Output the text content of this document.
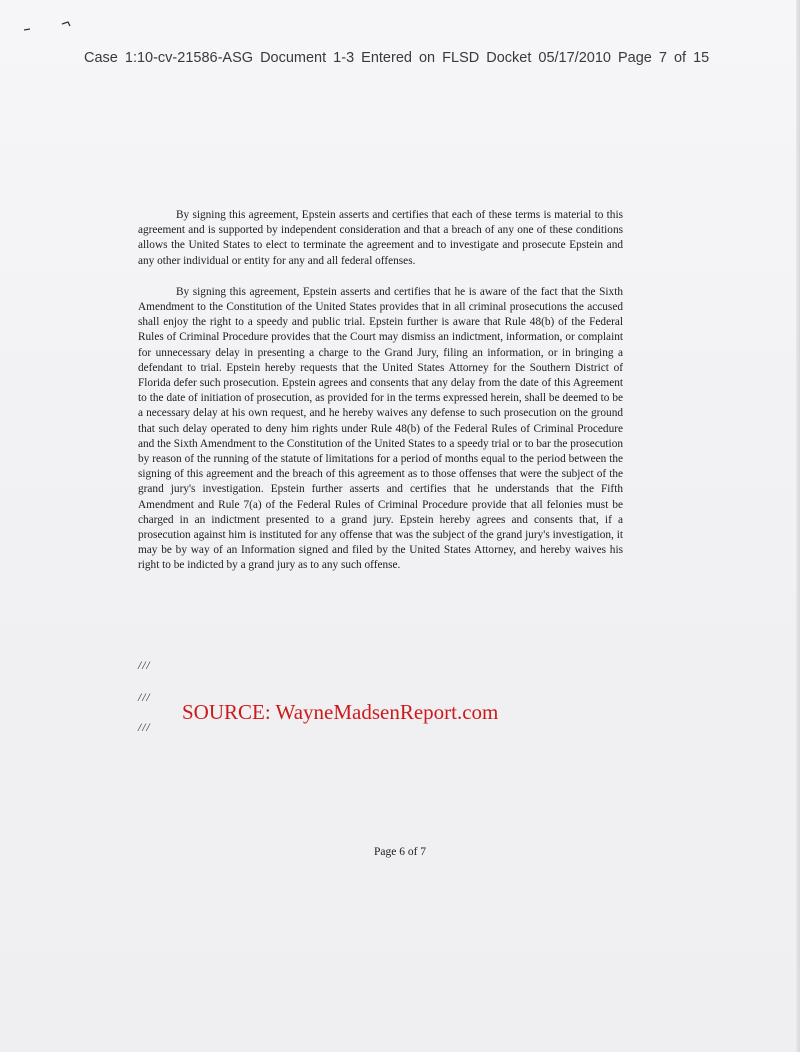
Case 1:10-cv-21586-ASG Document 1-3 Entered on FLSD Docket 05/17/2010 Page 7 of 15

By signing this agreement, Epstein asserts and certifies that each of these terms is material to this agreement and is supported by independent consideration and that a breach of any one of these conditions allows the United States to elect to terminate the agreement and to investigate and prosecute Epstein and any other individual or entity for any and all federal offenses.

By signing this agreement, Epstein asserts and certifies that he is aware of the fact that the Sixth Amendment to the Constitution of the United States provides that in all criminal prosecutions the accused shall enjoy the right to a speedy and public trial. Epstein further is aware that Rule 48(b) of the Federal Rules of Criminal Procedure provides that the Court may dismiss an indictment, information, or complaint for unnecessary delay in presenting a charge to the Grand Jury, filing an information, or in bringing a defendant to trial. Epstein hereby requests that the United States Attorney for the Southern District of Florida defer such prosecution. Epstein agrees and consents that any delay from the date of this Agreement to the date of initiation of prosecution, as provided for in the terms expressed herein, shall be deemed to be a necessary delay at his own request, and he hereby waives any defense to such prosecution on the ground that such delay operated to deny him rights under Rule 48(b) of the Federal Rules of Criminal Procedure and the Sixth Amendment to the Constitution of the United States to a speedy trial or to bar the prosecution by reason of the running of the statute of limitations for a period of months equal to the period between the signing of this agreement and the breach of this agreement as to those offenses that were the subject of the grand jury's investigation. Epstein further asserts and certifies that he understands that the Fifth Amendment and Rule 7(a) of the Federal Rules of Criminal Procedure provide that all felonies must be charged in an indictment presented to a grand jury. Epstein hereby agrees and consents that, if a prosecution against him is instituted for any offense that was the subject of the grand jury's investigation, it may be by way of an Information signed and filed by the United States Attorney, and hereby waives his right to be indicted by a grand jury as to any such offense.

///
///
///
SOURCE: WayneMadsenReport.com
Page 6 of 7
